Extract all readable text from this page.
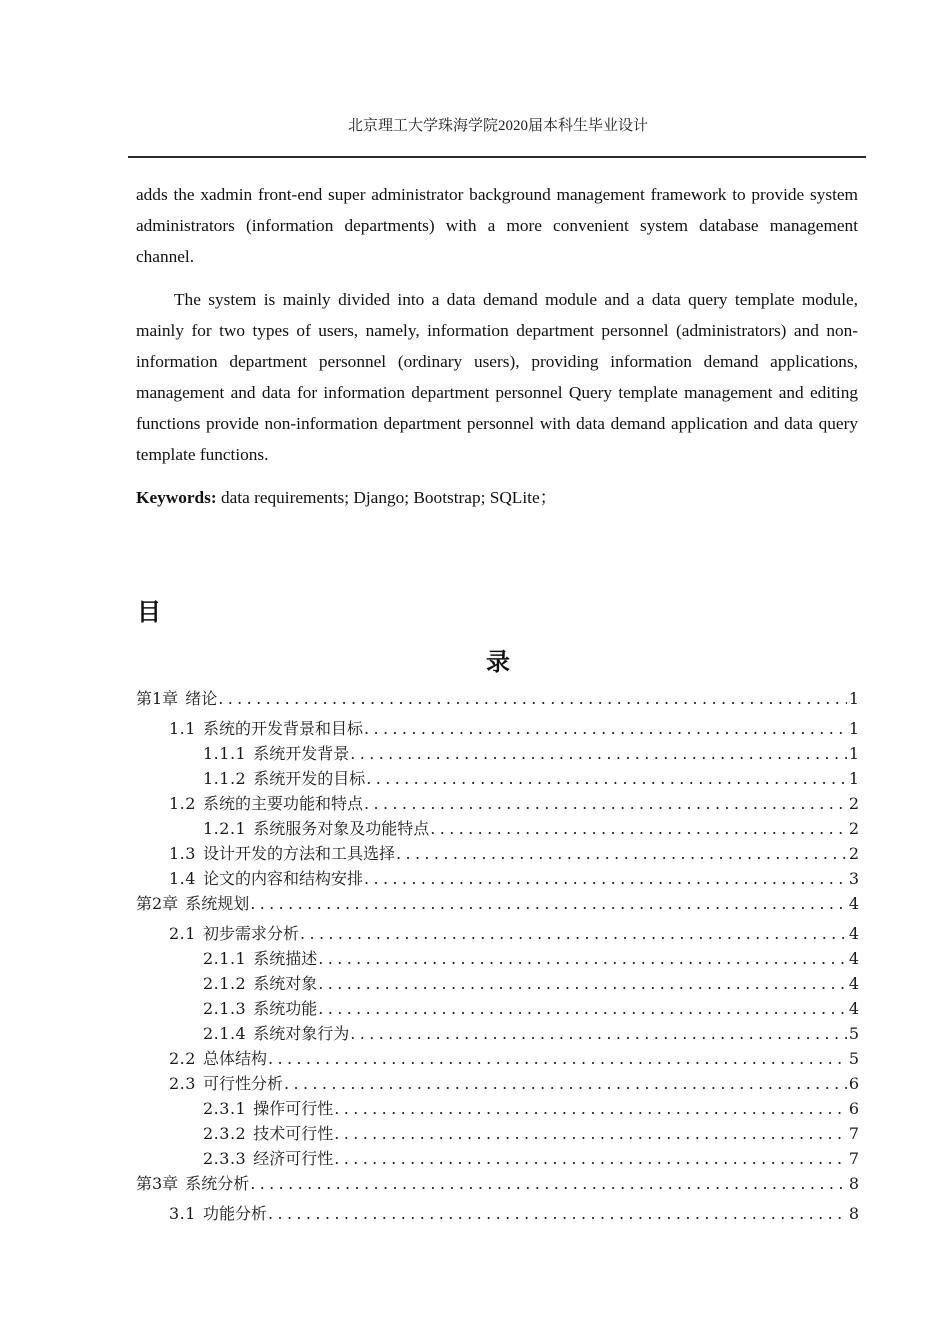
北京理工大学珠海学院2020届本科生毕业设计

adds the xadmin front-end super administrator background management framework to provide system administrators (information departments) with a more convenient system database management channel.

The system is mainly divided into a data demand module and a data query template module, mainly for two types of users, namely, information department personnel (administrators) and non-information department personnel (ordinary users), providing information demand applications, management and data for information department personnel Query template management and editing functions provide non-information department personnel with data demand application and data query template functions.

Keywords: data requirements; Django; Bootstrap; SQLite；
目
录
第1章 绪论 .....	1
1.1 系统的开发背景和目标 .....	1
1.1.1 系统开发背景 .....	1
1.1.2 系统开发的目标 .....	1
1.2 系统的主要功能和特点 .....	2
1.2.1 系统服务对象及功能特点 .....	2
1.3 设计开发的方法和工具选择 .....	2
1.4 论文的内容和结构安排 .....	3
第2章 系统规划 .....	4
2.1 初步需求分析 .....	4
2.1.1 系统描述 .....	4
2.1.2 系统对象 .....	4
2.1.3 系统功能 .....	4
2.1.4 系统对象行为 .....	5
2.2 总体结构 .....	5
2.3 可行性分析 .....	6
2.3.1 操作可行性 .....	6
2.3.2 技术可行性 .....	7
2.3.3 经济可行性 .....	7
第3章 系统分析 .....	8
3.1 功能分析 .....	8
